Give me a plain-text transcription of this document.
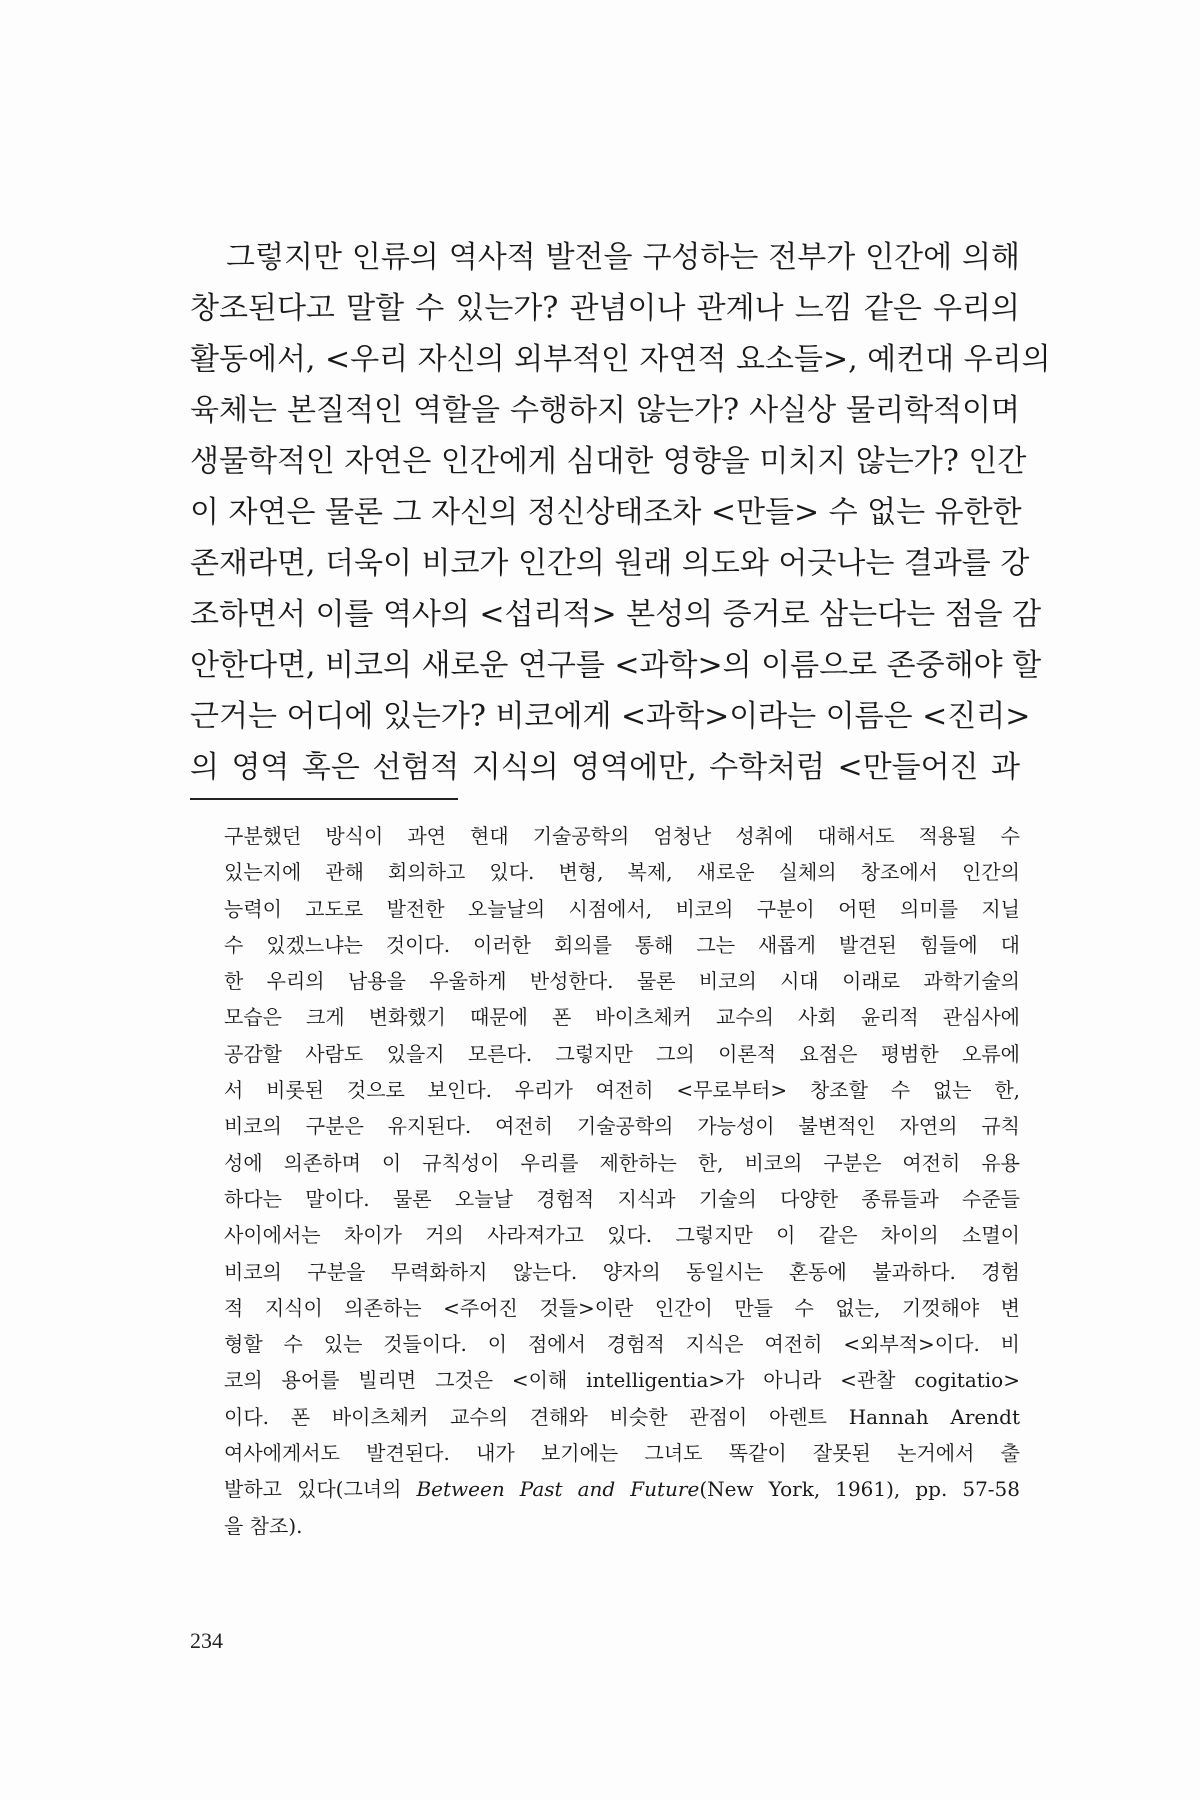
그렇지만 인류의 역사적 발전을 구성하는 전부가 인간에 의해
창조된다고 말할 수 있는가? 관념이나 관계나 느낌 같은 우리의
활동에서, <우리 자신의 외부적인 자연적 요소들>, 예컨대 우리의
육체는 본질적인 역할을 수행하지 않는가? 사실상 물리학적이며
생물학적인 자연은 인간에게 심대한 영향을 미치지 않는가? 인간
이 자연은 물론 그 자신의 정신상태조차 <만들> 수 없는 유한한
존재라면, 더욱이 비코가 인간의 원래 의도와 어긋나는 결과를 강
조하면서 이를 역사의 <섭리적> 본성의 증거로 삼는다는 점을 감
안한다면, 비코의 새로운 연구를 <과학>의 이름으로 존중해야 할
근거는 어디에 있는가? 비코에게 <과학>이라는 이름은 <진리>
의 영역 혹은 선험적 지식의 영역에만, 수학처럼 <만들어진 과
구분했던 방식이 과연 현대 기술공학의 엄청난 성취에 대해서도 적용될 수
있는지에 관해 회의하고 있다. 변형, 복제, 새로운 실체의 창조에서 인간의
능력이 고도로 발전한 오늘날의 시점에서, 비코의 구분이 어떤 의미를 지닐
수 있겠느냐는 것이다. 이러한 회의를 통해 그는 새롭게 발견된 힘들에 대
한 우리의 남용을 우울하게 반성한다. 물론 비코의 시대 이래로 과학기술의
모습은 크게 변화했기 때문에 폰 바이츠체커 교수의 사회 윤리적 관심사에
공감할 사람도 있을지 모른다. 그렇지만 그의 이론적 요점은 평범한 오류에
서 비롯된 것으로 보인다. 우리가 여전히 <무로부터> 창조할 수 없는 한,
비코의 구분은 유지된다. 여전히 기술공학의 가능성이 불변적인 자연의 규칙
성에 의존하며 이 규칙성이 우리를 제한하는 한, 비코의 구분은 여전히 유용
하다는 말이다. 물론 오늘날 경험적 지식과 기술의 다양한 종류들과 수준들
사이에서는 차이가 거의 사라져가고 있다. 그렇지만 이 같은 차이의 소멸이
비코의 구분을 무력화하지 않는다. 양자의 동일시는 혼동에 불과하다. 경험
적 지식이 의존하는 <주어진 것들>이란 인간이 만들 수 없는, 기껏해야 변
형할 수 있는 것들이다. 이 점에서 경험적 지식은 여전히 <외부적>이다. 비
코의 용어를 빌리면 그것은 <이해 intelligentia>가 아니라 <관찰 cogitatio>
이다. 폰 바이츠체커 교수의 견해와 비슷한 관점이 아렌트 Hannah Arendt
여사에게서도 발견된다. 내가 보기에는 그녀도 똑같이 잘못된 논거에서 출
발하고 있다(그녀의 Between Past and Future(New York, 1961), pp. 57-58
을 참조).
234
